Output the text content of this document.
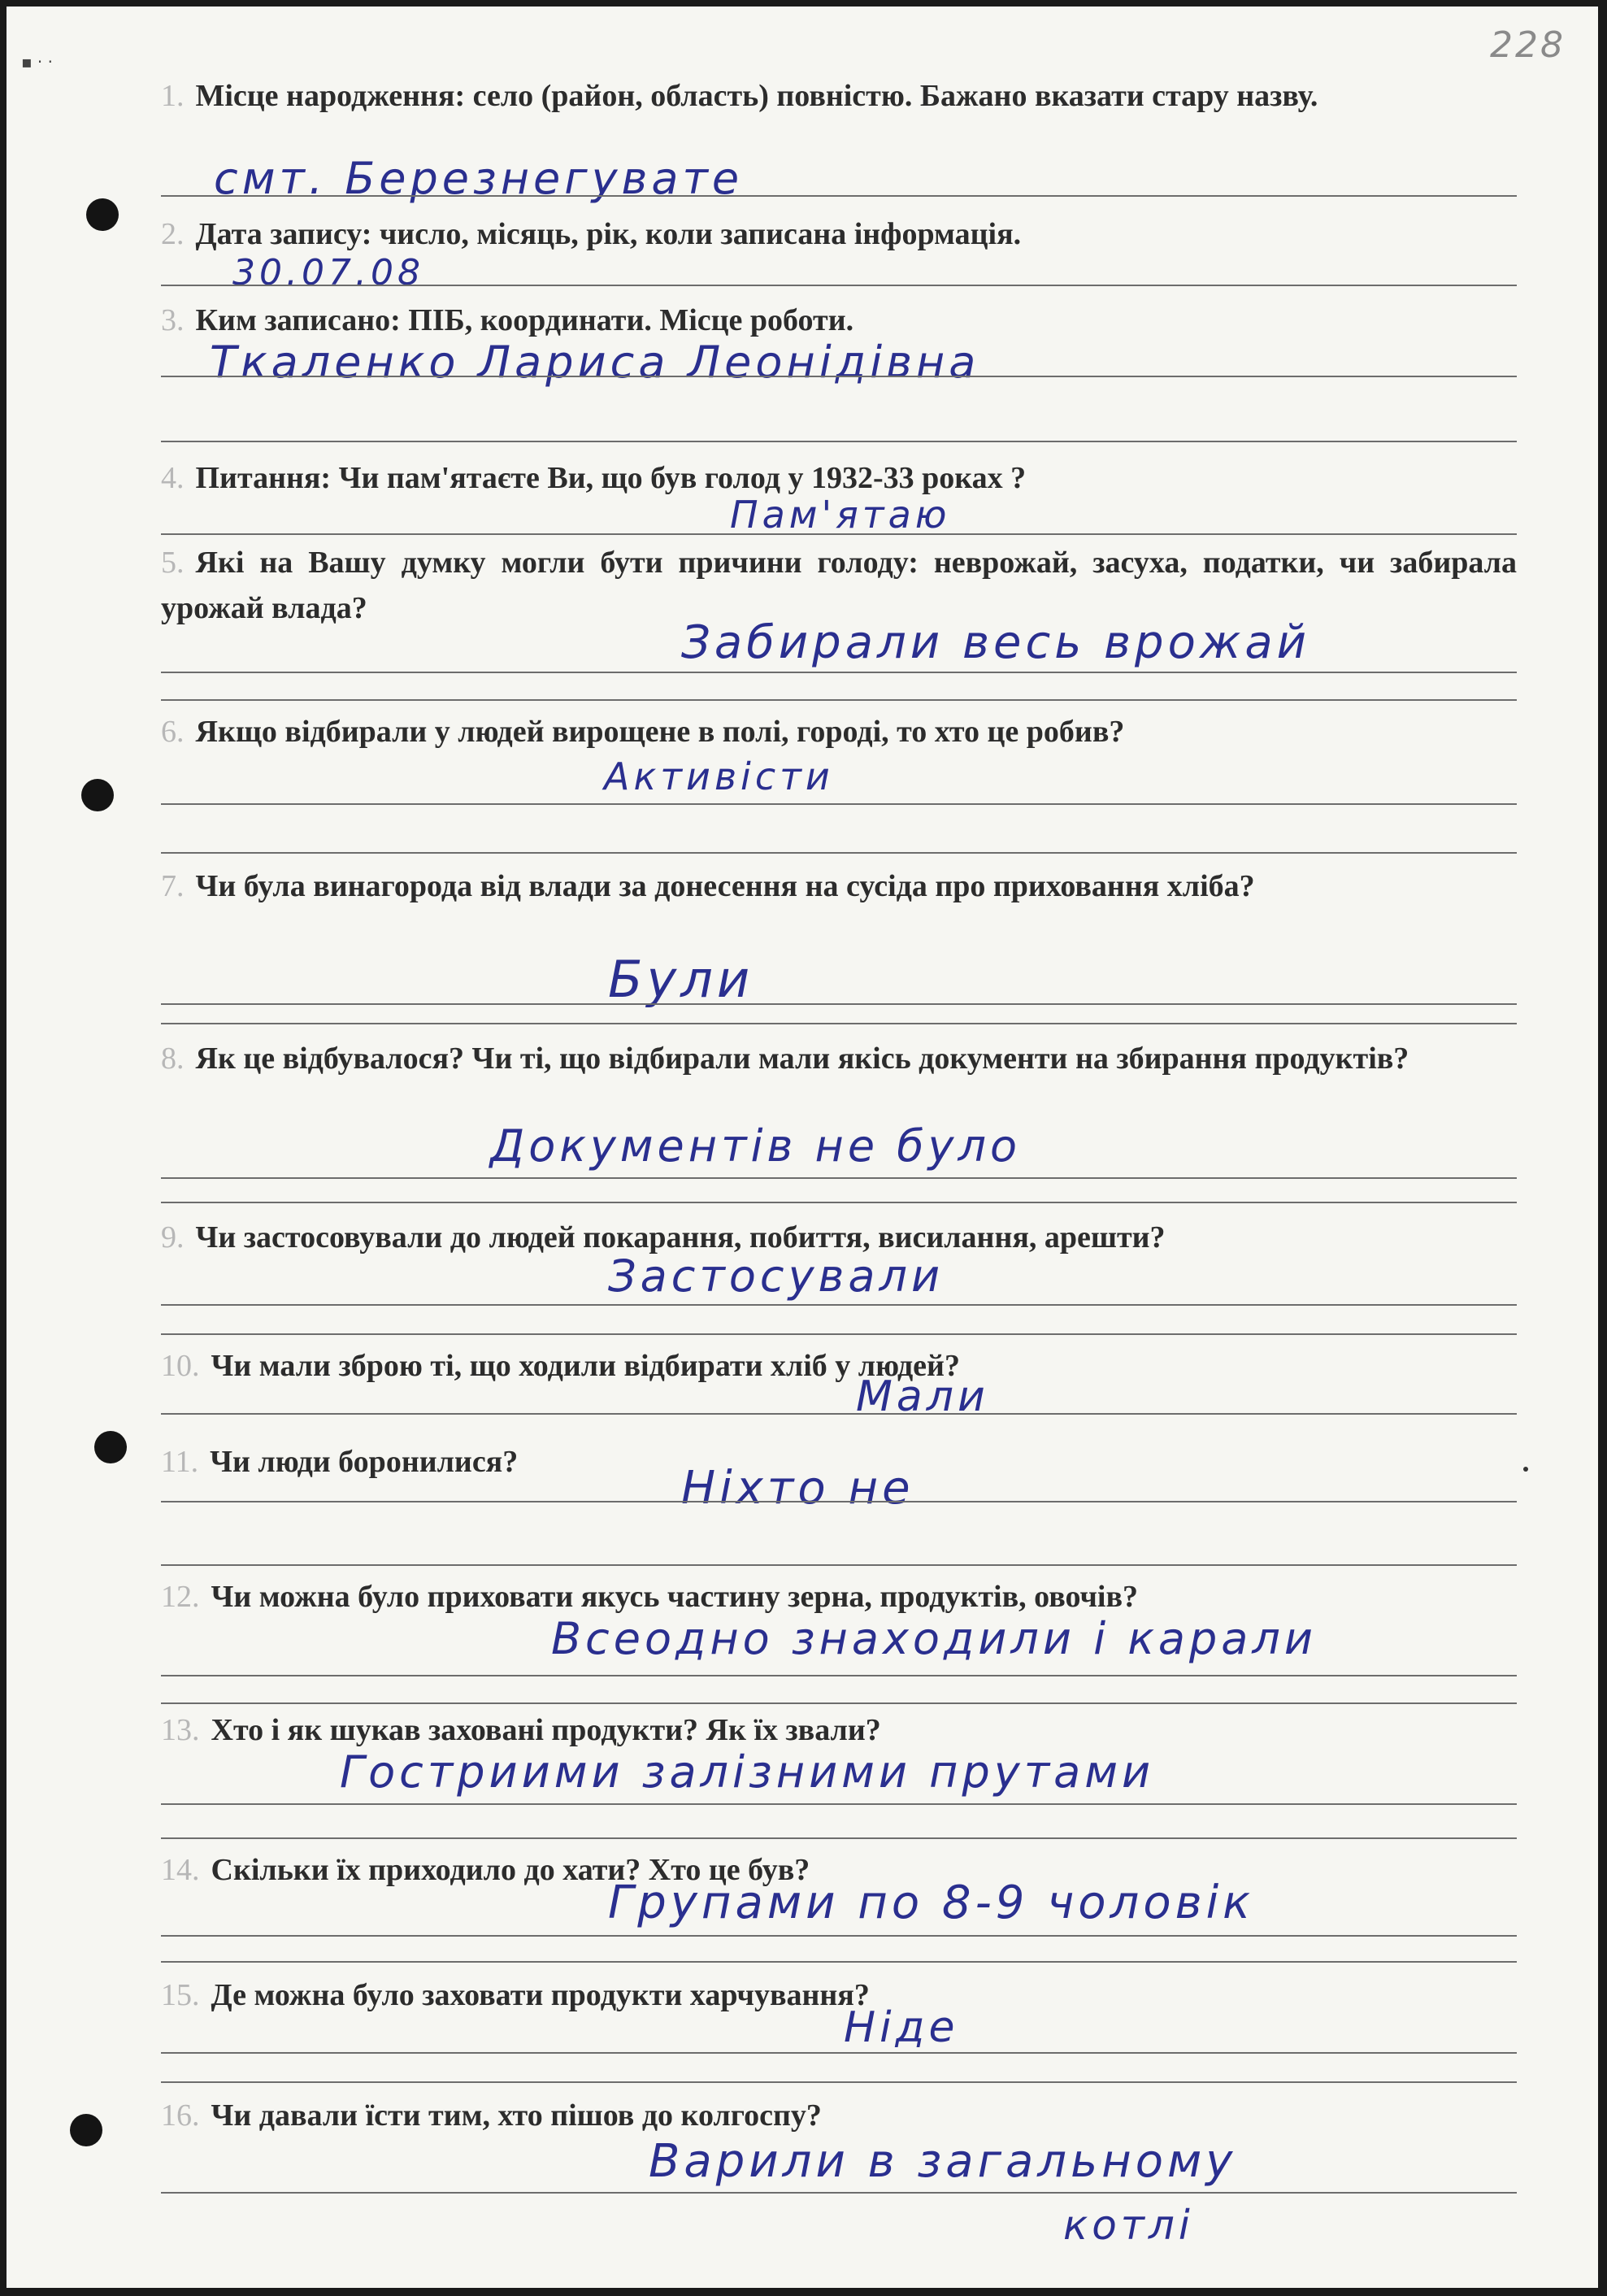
228
▪ · ·
1. Місце народження: село (район, область) повністю. Бажано вказати стару назву.
смт. Березнегувате
2. Дата запису: число, місяць, рік, коли записана інформація.
30.07.08
3. Ким записано: ПІБ, координати. Місце роботи.
Ткаленко Лариса Леонідівна
4. Питання: Чи пам'ятаєте Ви, що був голод у 1932-33 роках ?
Пам'ятаю
5. Які на Вашу думку могли бути причини голоду: неврожай, засуха, податки, чи забирала урожай влада?
Забирали весь врожай
6. Якщо відбирали у людей вирощене в полі, городі, то хто це робив?
Активісти
7. Чи була винагорода від влади за донесення на сусіда про приховання хліба?
Були
8. Як це відбувалося? Чи ті, що відбирали мали якісь документи на збирання продуктів?
Документів не було
9. Чи застосовували до людей покарання, побиття, висилання, арешти?
Застосували
10. Чи мали зброю ті, що ходили відбирати хліб у людей?
Мали
11. Чи люди боронилися?	Ніхто не
12. Чи можна було приховати якусь частину зерна, продуктів, овочів?
Всеодно знаходили і карали
13. Хто і як шукав заховані продукти? Як їх звали?
Гостриими залізними прутами
14. Скільки їх приходило до хати? Хто це був?
Групами по 8-9 чоловік
15. Де можна було заховати продукти харчування?
Ніде
16. Чи давали їсти тим, хто пішов до колгоспу?
Варили в загальному
котлі
